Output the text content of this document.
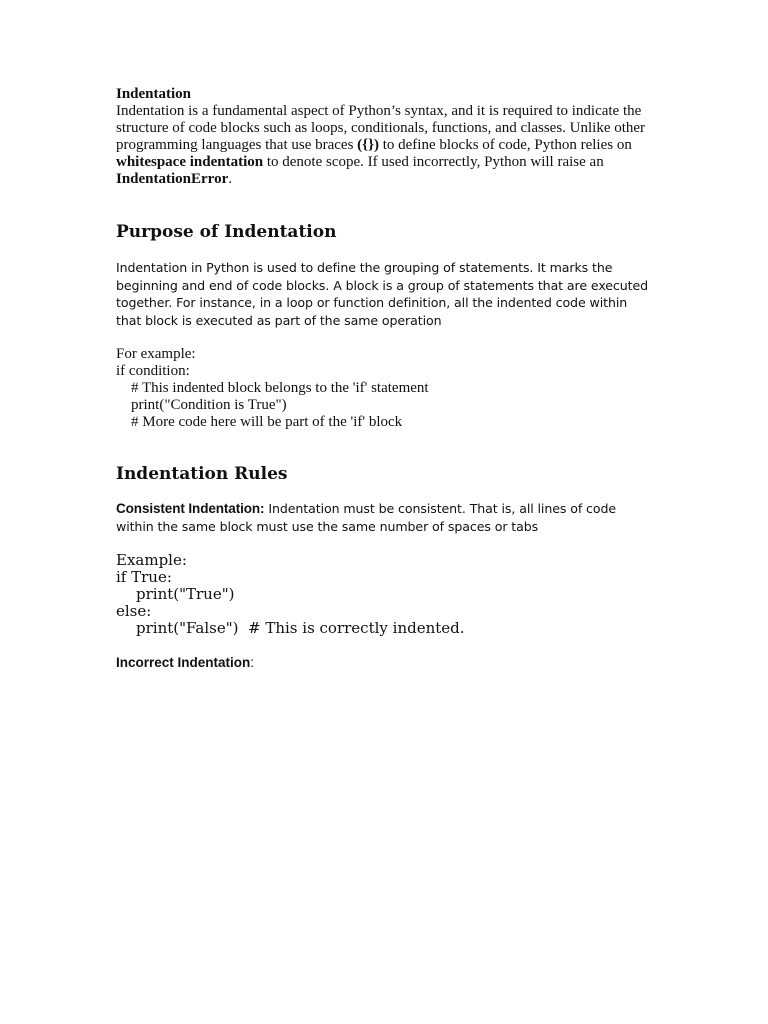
Indentation

Indentation is a fundamental aspect of Python’s syntax, and it is required to indicate the structure of code blocks such as loops, conditionals, functions, and classes. Unlike other programming languages that use braces ({}) to define blocks of code, Python relies on whitespace indentation to denote scope. If used incorrectly, Python will raise an IndentationError.

Purpose of Indentation

Indentation in Python is used to define the grouping of statements. It marks the beginning and end of code blocks. A block is a group of statements that are executed together. For instance, in a loop or function definition, all the indented code within that block is executed as part of the same operation

For example:
if condition:
# This indented block belongs to the 'if' statement
print("Condition is True")
# More code here will be part of the 'if' block
Indentation Rules

Consistent Indentation: Indentation must be consistent. That is, all lines of code within the same block must use the same number of spaces or tabs

Example:
if True:
print("True")
else:
print("False")  # This is correctly indented.

Incorrect Indentation:
